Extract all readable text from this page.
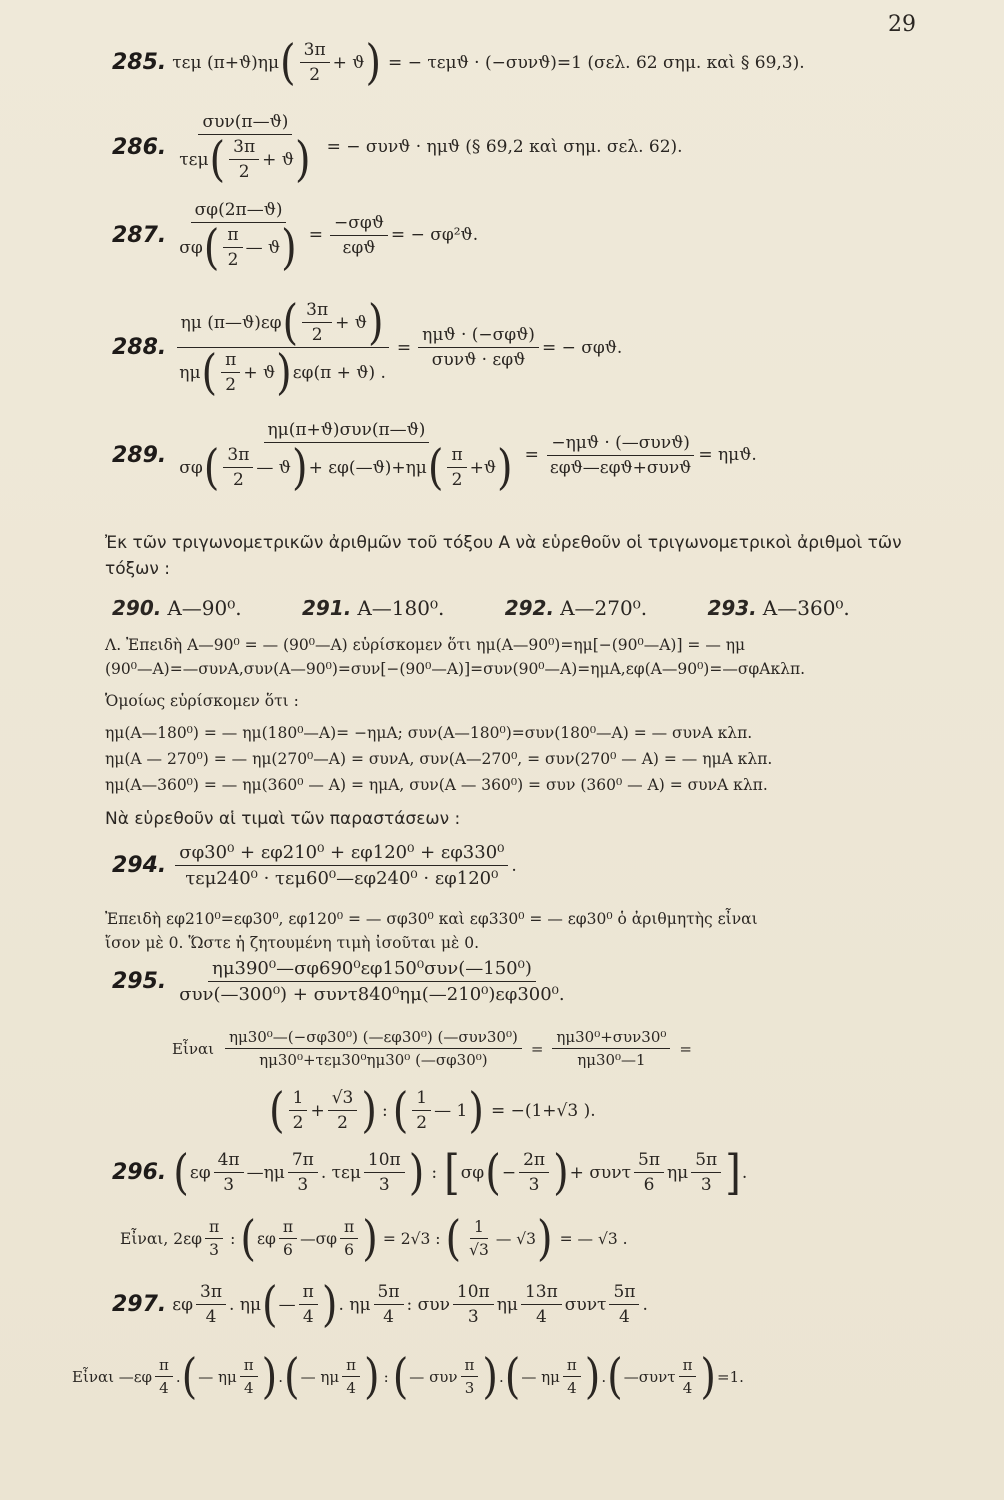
29
285. τεμ (π+ϑ)ημ ( $\frac{3\pi}{2} + ϑ$ ) = − τεμϑ · (−συνϑ)=1 (σελ. 62 σημ. καὶ § 69,3).
286. $\frac{\text{συν(π—ϑ)}}{\tau\varepsilon\mu ( \frac{3\pi}{2} + ϑ )}$ = − συνϑ · ημϑ (§ 69,2 καὶ σημ. σελ. 62).
287. $\frac{\sigma\varphi(2\pi—ϑ)}{\sigma\varphi ( \frac{\pi}{2} — ϑ )} = \frac{\text{−σφϑ}}{\text{εφϑ}}$ = − σφ²ϑ.
288.
ημ (π—ϑ)εφ ( $\frac{3\pi}{2} + ϑ$ )
ημ ( $\frac{\pi}{2} + ϑ$ ) εφ(π + ϑ) .
= $\frac{\text{ημϑ · (−σφϑ)}}{\text{συνϑ · εφϑ}}$ = − σφϑ.
289.
ημ(π+ϑ)συν(π—ϑ)
σφ ( $\frac{3\pi}{2}$ — ϑ ) + εφ(—ϑ)+ημ ( $\frac{\pi}{2} +ϑ$ ) = $\frac{\text{−ημϑ · (—συνϑ)}}{\text{εφϑ—εφϑ+συνϑ}} = \eta\mu ϑ$.
Ἐκ τῶν τριγωνομετρικῶν ἀριθμῶν τοῦ τόξου Α νὰ εὑρεθοῦν οἱ τριγωνομετρικοὶ ἀριθμοὶ τῶν τόξων :
290. Α—90⁰.	291. Α—180⁰.	292. Α—270⁰.	293. Α—360⁰.
Λ. Ἐπειδὴ Α—90⁰ = — (90⁰—Α) εὑρίσκομεν ὅτι ημ(Α—90⁰)=ημ[−(90⁰—Α)] = — ημ
(90⁰—Α)=—συνΑ,συν(Α—90⁰)=συν[−(90⁰—Α)]=συν(90⁰—Α)=ημΑ,εφ(Α—90⁰)=—σφΑκλπ.
Ὁμοίως εὑρίσκομεν ὅτι :
ημ(Α—180⁰) = — ημ(180⁰—Α)= −ημΑ; συν(Α—180⁰)=συν(180⁰—Α) = — συνΑ κλπ.
ημ(Α — 270⁰) = — ημ(270⁰—Α) = συνΑ, συν(Α—270⁰, = συν(270⁰ — Α) = — ημΑ κλπ.
ημ(Α—360⁰) = — ημ(360⁰ — Α) = ημΑ, συν(Α — 360⁰) = συν (360⁰ — Α) = συνΑ κλπ.
Νὰ εὑρεθοῦν αἱ τιμαὶ τῶν παραστάσεων :
294. $\frac{\text{σφ30⁰ + εφ210⁰ + εφ120⁰ + εφ330⁰}}{\text{τεμ240⁰ · τεμ60⁰—εφ240⁰ · εφ120⁰}}$ .
Ἐπειδὴ εφ210⁰=εφ30⁰, εφ120⁰ = — σφ30⁰ καὶ εφ330⁰ = — εφ30⁰ ὁ ἀριθμητὴς εἶναι
ἴσον μὲ 0. Ὥστε ἡ ζητουμένη τιμὴ ἰσοῦται μὲ 0.
295. $\frac{\text{ημ390⁰—σφ690⁰εφ150⁰συν(—150⁰)}}{\text{συν(—300⁰) + συντ840⁰ημ(—210⁰)εφ300⁰.}}$
Εἶναι $\frac{\text{ημ30⁰—(−σφ30⁰) (—εφ30⁰) (—συν30⁰)}}{\text{ημ30⁰+τεμ30⁰ημ30⁰ (—σφ30⁰)}} = \frac{\text{ημ30⁰+συν30⁰}}{\text{ημ30⁰—1}}$ =
( $\frac{1}{2} + \frac{√3}{2}$ ) : ( $\frac{1}{2}$ — 1 ) = −(1+√3 ).
296. ( εφ $\frac{4\pi}{3}$ —ημ $\frac{7\pi}{3}$ . τεμ $\frac{10\pi}{3}$ ) : [ σφ ( − $\frac{2\pi}{3}$ ) + συντ $\frac{5\pi}{6}$ ημ $\frac{5\pi}{3}$ ] .
Εἶναι, $2\varepsilon\varphi \frac{\pi}{3}$ : ( εφ $\frac{\pi}{6}$ —σφ $\frac{\pi}{6}$ ) = 2√3 : ( $\frac{1}{√3}$ — √3 ) = — √3 .
297. εφ $\frac{3\pi}{4}$ . ημ ( — $\frac{\pi}{4}$ ) . ημ $\frac{5\pi}{4}$ : συν $\frac{10\pi}{3}$ ημ $\frac{13\pi}{4}$ συντ $\frac{5\pi}{4}$ .
Εἶναι —εφ $\frac{\pi}{4}$ . ( — ημ $\frac{\pi}{4}$ ) . ( — ημ $\frac{\pi}{4}$ ) : ( — συν $\frac{\pi}{3}$ ) . ( — ημ $\frac{\pi}{4}$ ) . ( —συντ $\frac{\pi}{4}$ ) =1.
